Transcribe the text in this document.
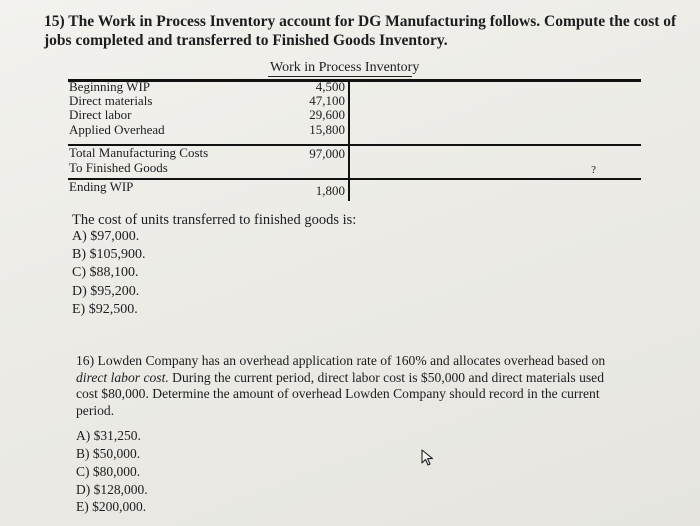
15) The Work in Process Inventory account for DG Manufacturing follows. Compute the cost of
jobs completed and transferred to Finished Goods Inventory.
Work in Process Inventory
Beginning WIP
Direct materials
Direct labor
Applied Overhead
Total Manufacturing Costs
To Finished Goods
Ending WIP
4,500
47,100
29,600
15,800
97,000
?
1,800
The cost of units transferred to finished goods is:
A) $97,000.
B) $105,900.
C) $88,100.
D) $95,200.
E) $92,500.
16) Lowden Company has an overhead application rate of 160% and allocates overhead based on
direct labor cost. During the current period, direct labor cost is $50,000 and direct materials used
cost $80,000. Determine the amount of overhead Lowden Company should record in the current
period.
A) $31,250.
B) $50,000.
C) $80,000.
D) $128,000.
E) $200,000.
